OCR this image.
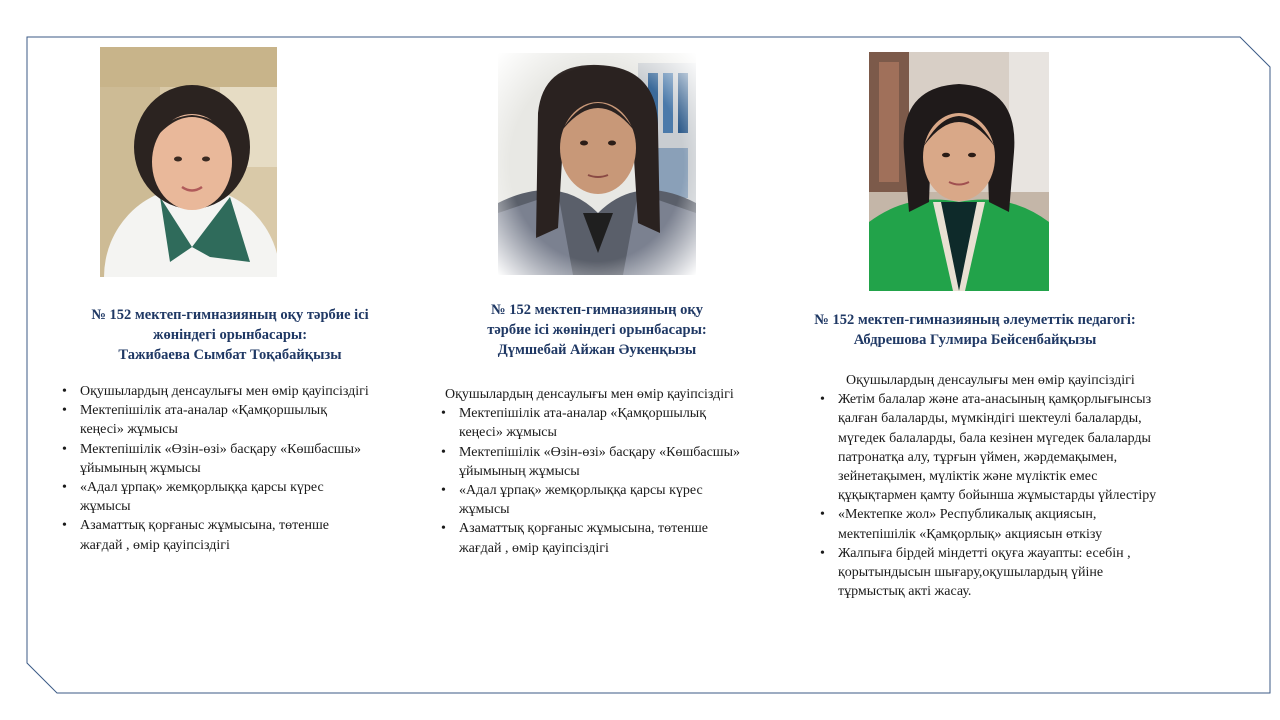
№ 152 мектеп-гимназияның оқу тәрбие ісі
жөніндегі орынбасары:
Тажибаева Сымбат Тоқабайқызы
№ 152 мектеп-гимназияның оқу
тәрбие ісі жөніндегі орынбасары:
Дүмшебай Айжан Әукенқызы
№ 152 мектеп-гимназияның әлеуметтік педагогі:
Абдрешова Гулмира Бейсенбайқызы
• Оқушылардың денсаулығы мен өмір қауіпсіздігі
• Мектепішілік ата-аналар «Қамқоршылық кеңесі» жұмысы
• Мектепішілік «Өзін-өзі» басқару «Көшбасшы» ұйымының жұмысы
• «Адал ұрпақ» жемқорлыққа қарсы күрес жұмысы
• Азаматтық қорғаныс жұмысына, төтенше жағдай , өмір қауіпсіздігі
Оқушылардың денсаулығы мен өмір қауіпсіздігі
• Мектепішілік ата-аналар «Қамқоршылық кеңесі» жұмысы
• Мектепішілік «Өзін-өзі» басқару «Көшбасшы» ұйымының жұмысы
• «Адал ұрпақ» жемқорлыққа қарсы күрес жұмысы
• Азаматтық қорғаныс жұмысына, төтенше жағдай , өмір қауіпсіздігі
Оқушылардың денсаулығы мен өмір қауіпсіздігі
• Жетім балалар және ата-анасының қамқорлығынсыз қалған балаларды, мүмкіндігі шектеулі балаларды, мүгедек балаларды, бала кезінен мүгедек балаларды патронатқа алу, тұрғын үймен, жәрдемақымен, зейнетақымен, мүліктік және мүліктік емес құқықтармен қамту бойынша жұмыстарды үйлестіру
• «Мектепке жол» Республикалық акциясын, мектепішілік «Қамқорлық» акциясын өткізу
• Жалпыға бірдей міндетті оқуға жауапты: есебін , қорытындысын шығару,оқушылардың үйіне тұрмыстық акті жасау.
